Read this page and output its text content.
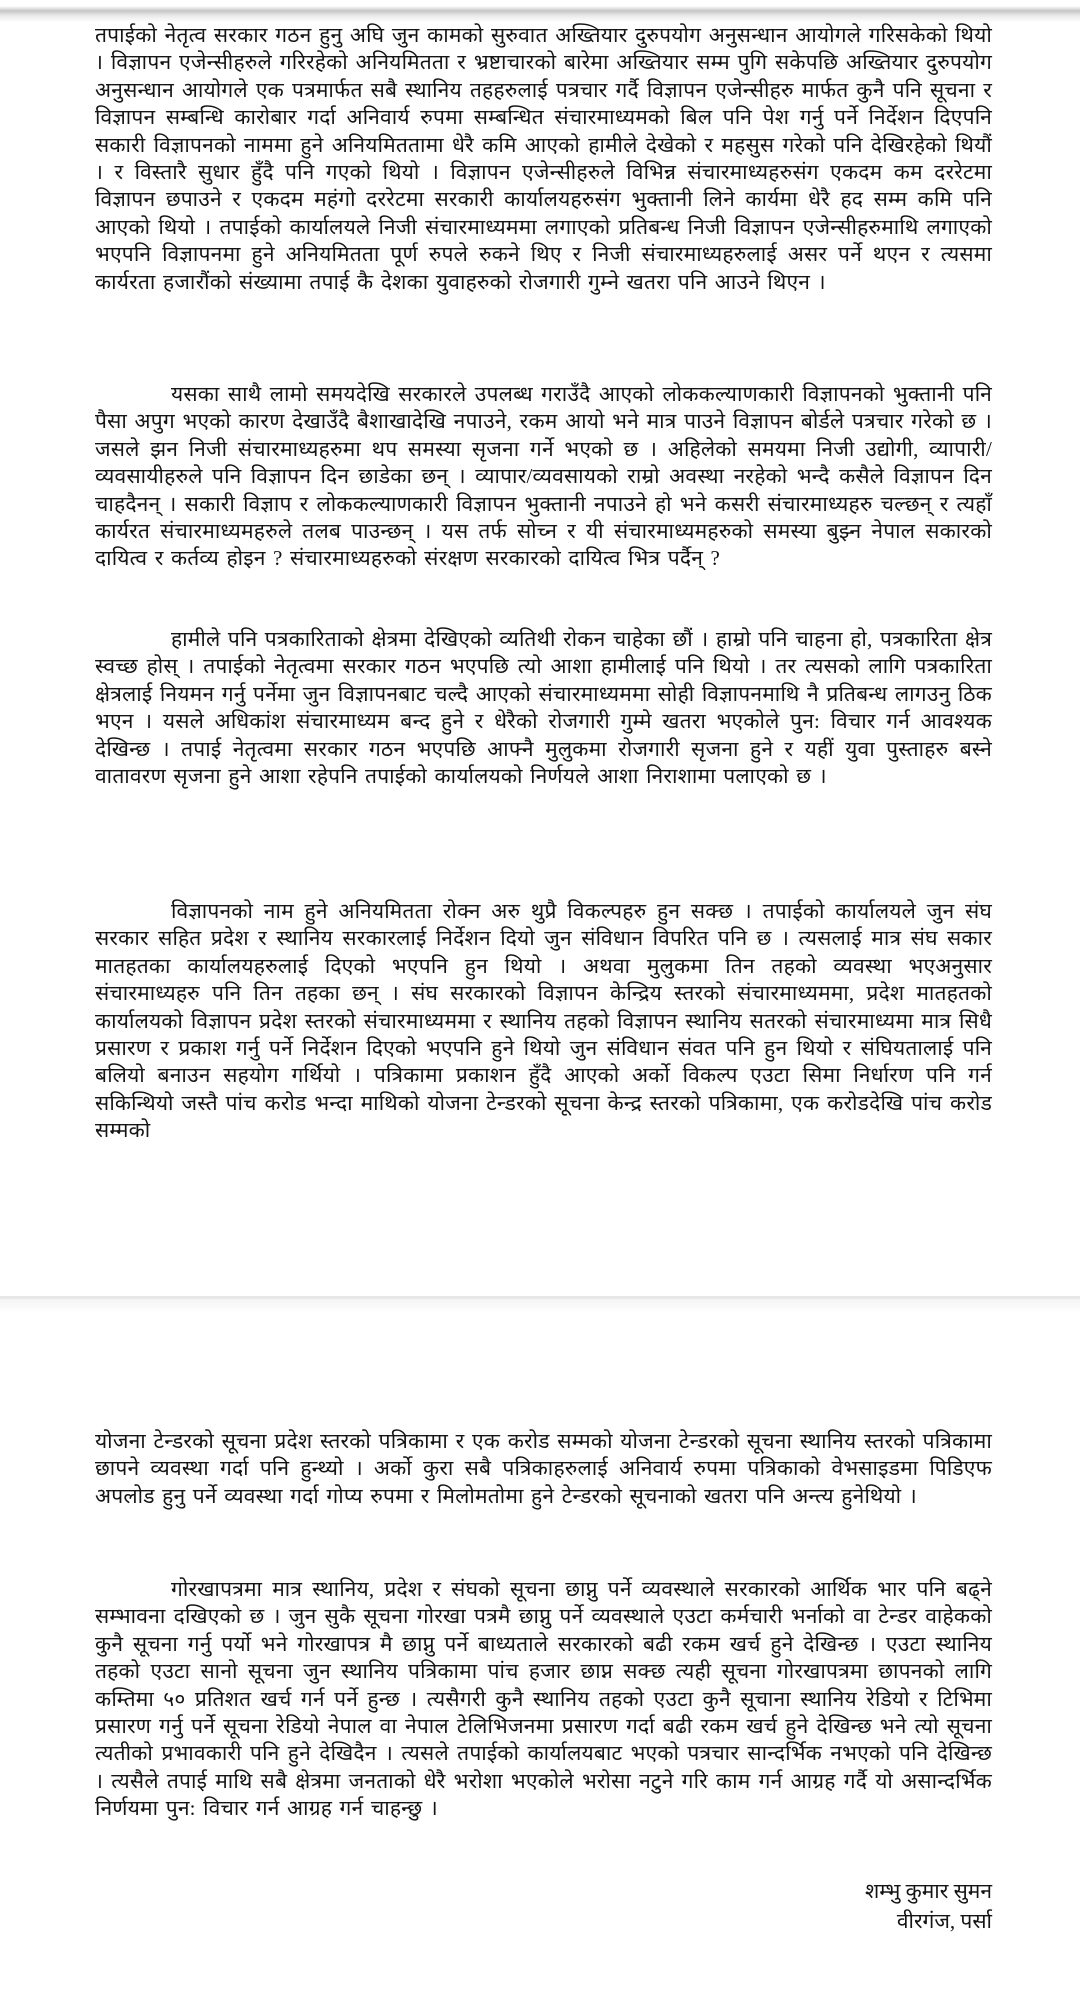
तपाईको नेतृत्व सरकार गठन हुनु अघि जुन कामको सुरुवात अख्तियार दुरुपयोग अनुसन्धान आयोगले गरिसकेको थियो । विज्ञापन एजेन्सीहरुले गरिरहेको अनियमितता र भ्रष्टाचारको बारेमा अख्तियार सम्म पुगि सकेपछि अख्तियार दुरुपयोग अनुसन्धान आयोगले एक पत्रमार्फत सबै स्थानिय तहहरुलाई पत्रचार गर्दै विज्ञापन एजेन्सीहरु मार्फत कुनै पनि सूचना र विज्ञापन सम्बन्धि कारोबार गर्दा अनिवार्य रुपमा सम्बन्धित संचारमाध्यमको बिल पनि पेश गर्नु पर्ने निर्देशन दिएपनि सकारी विज्ञापनको नाममा हुने अनियमिततामा धेरै कमि आएको हामीले देखेको र महसुस गरेको पनि देखिरहेको थियौं । र विस्तारै सुधार हुँदै पनि गएको थियो । विज्ञापन एजेन्सीहरुले विभिन्न संचारमाध्यहरुसंग एकदम कम दररेटमा विज्ञापन छपाउने र एकदम महंगो दररेटमा सरकारी कार्यालयहरुसंग भुक्तानी लिने कार्यमा धेरै हद सम्म कमि पनि आएको थियो । तपाईको कार्यालयले निजी संचारमाध्यममा लगाएको प्रतिबन्ध निजी विज्ञापन एजेन्सीहरुमाथि लगाएको भएपनि विज्ञापनमा हुने अनियमितता पूर्ण रुपले रुकने थिए र निजी संचारमाध्यहरुलाई असर पर्ने थएन र त्यसमा कार्यरता हजारौंको संख्यामा तपाई कै देशका युवाहरुको रोजगारी गुम्ने खतरा पनि आउने थिएन ।

यसका साथै लामो समयदेखि सरकारले उपलब्ध गराउँदै आएको लोककल्याणकारी विज्ञापनको भुक्तानी पनि पैसा अपुग भएको कारण देखाउँदै बैशाखादेखि नपाउने, रकम आयो भने मात्र पाउने विज्ञापन बोर्डले पत्रचार गरेको छ । जसले झन निजी संचारमाध्यहरुमा थप समस्या सृजना गर्ने भएको छ । अहिलेको समयमा निजी उद्योगी, व्यापारी/व्यवसायीहरुले पनि विज्ञापन दिन छाडेका छन् । व्यापार/व्यवसायको राम्रो अवस्था नरहेको भन्दै कसैले विज्ञापन दिन चाहदैनन् । सकारी विज्ञाप र लोककल्याणकारी विज्ञापन भुक्तानी नपाउने हो भने कसरी संचारमाध्यहरु चल्छन् र त्यहाँ कार्यरत संचारमाध्यमहरुले तलब पाउन्छन् । यस तर्फ सोच्न र यी संचारमाध्यमहरुको समस्या बुझ्न नेपाल सकारको दायित्व र कर्तव्य होइन ? संचारमाध्यहरुको संरक्षण सरकारको दायित्व भित्र पर्दैन् ?

हामीले पनि पत्रकारिताको क्षेत्रमा देखिएको व्यतिथी रोकन चाहेका छौं । हाम्रो पनि चाहना हो, पत्रकारिता क्षेत्र स्वच्छ होस् । तपाईको नेतृत्वमा सरकार गठन भएपछि त्यो आशा हामीलाई पनि थियो । तर त्यसको लागि पत्रकारिता क्षेत्रलाई नियमन गर्नु पर्नेमा जुन विज्ञापनबाट चल्दै आएको संचारमाध्यममा सोही विज्ञापनमाथि नै प्रतिबन्ध लागउनु ठिक भएन । यसले अधिकांश संचारमाध्यम बन्द हुने र धेरैको रोजगारी गुम्मे खतरा भएकोले पुन: विचार गर्न आवश्यक देखिन्छ । तपाई नेतृत्वमा सरकार गठन भएपछि आफ्नै मुलुकमा रोजगारी सृजना हुने र यहीं युवा पुस्ताहरु बस्ने वातावरण सृजना हुने आशा रहेपनि तपाईको कार्यालयको निर्णयले आशा निराशामा पलाएको छ ।

विज्ञापनको नाम हुने अनियमितता रोक्न अरु थुप्रै विकल्पहरु हुन सक्छ । तपाईको कार्यालयले जुन संघ सरकार सहित प्रदेश र स्थानिय सरकारलाई निर्देशन दियो जुन संविधान विपरित पनि छ । त्यसलाई मात्र संघ सकार मातहतका कार्यालयहरुलाई दिएको भएपनि हुन थियो । अथवा मुलुकमा तिन तहको व्यवस्था भएअनुसार संचारमाध्यहरु पनि तिन तहका छन् । संघ सरकारको विज्ञापन केन्द्रिय स्तरको संचारमाध्यममा, प्रदेश मातहतको कार्यालयको विज्ञापन प्रदेश स्तरको संचारमाध्यममा र स्थानिय तहको विज्ञापन स्थानिय सतरको संचारमाध्यमा मात्र सिधै प्रसारण र प्रकाश गर्नु पर्ने निर्देशन दिएको भएपनि हुने थियो जुन संविधान संवत पनि हुन थियो र संघियतालाई पनि बलियो बनाउन सहयोग गर्थियो । पत्रिकामा प्रकाशन हुँदै आएको अर्को विकल्प एउटा सिमा निर्धारण पनि गर्न सकिन्थियो जस्तै पांच करोड भन्दा माथिको योजना टेन्डरको सूचना केन्द्र स्तरको पत्रिकामा, एक करोडदेखि पांच करोड सम्मको

योजना टेन्डरको सूचना प्रदेश स्तरको पत्रिकामा र एक करोड सम्मको योजना टेन्डरको सूचना स्थानिय स्तरको पत्रिकामा छापने व्यवस्था गर्दा पनि हुन्थ्यो । अर्को कुरा सबै पत्रिकाहरुलाई अनिवार्य रुपमा पत्रिकाको वेभसाइडमा पिडिएफ अपलोड हुनु पर्ने व्यवस्था गर्दा गोप्य रुपमा र मिलोमतोमा हुने टेन्डरको सूचनाको खतरा पनि अन्त्य हुनेथियो ।

गोरखापत्रमा मात्र स्थानिय, प्रदेश र संघको सूचना छाप्नु पर्ने व्यवस्थाले सरकारको आर्थिक भार पनि बढ्ने सम्भावना दखिएको छ । जुन सुकै सूचना गोरखा पत्रमै छाप्नु पर्ने व्यवस्थाले एउटा कर्मचारी भर्नाको वा टेन्डर वाहेकको कुनै सूचना गर्नु पर्यो भने गोरखापत्र मै छाप्नु पर्ने बाध्यताले सरकारको बढी रकम खर्च हुने देखिन्छ । एउटा स्थानिय तहको एउटा सानो सूचना जुन स्थानिय पत्रिकामा पांच हजार छाप्न सक्छ त्यही सूचना गोरखापत्रमा छापनको लागि कम्तिमा ५० प्रतिशत खर्च गर्न पर्ने हुन्छ । त्यसैगरी कुनै स्थानिय तहको एउटा कुनै सूचाना स्थानिय रेडियो र टिभिमा प्रसारण गर्नु पर्ने सूचना रेडियो नेपाल वा नेपाल टेलिभिजनमा प्रसारण गर्दा बढी रकम खर्च हुने देखिन्छ भने त्यो सूचना त्यतीको प्रभावकारी पनि हुने देखिदैन । त्यसले तपाईको कार्यालयबाट भएको पत्रचार सान्दर्भिक नभएको पनि देखिन्छ । त्यसैले तपाई माथि सबै क्षेत्रमा जनताको धेरै भरोशा भएकोले भरोसा नटुने गरि काम गर्न आग्रह गर्दै यो असान्दर्भिक निर्णयमा पुन: विचार गर्न आग्रह गर्न चाहन्छु ।

शम्भु कुमार सुमन
वीरगंज, पर्सा
